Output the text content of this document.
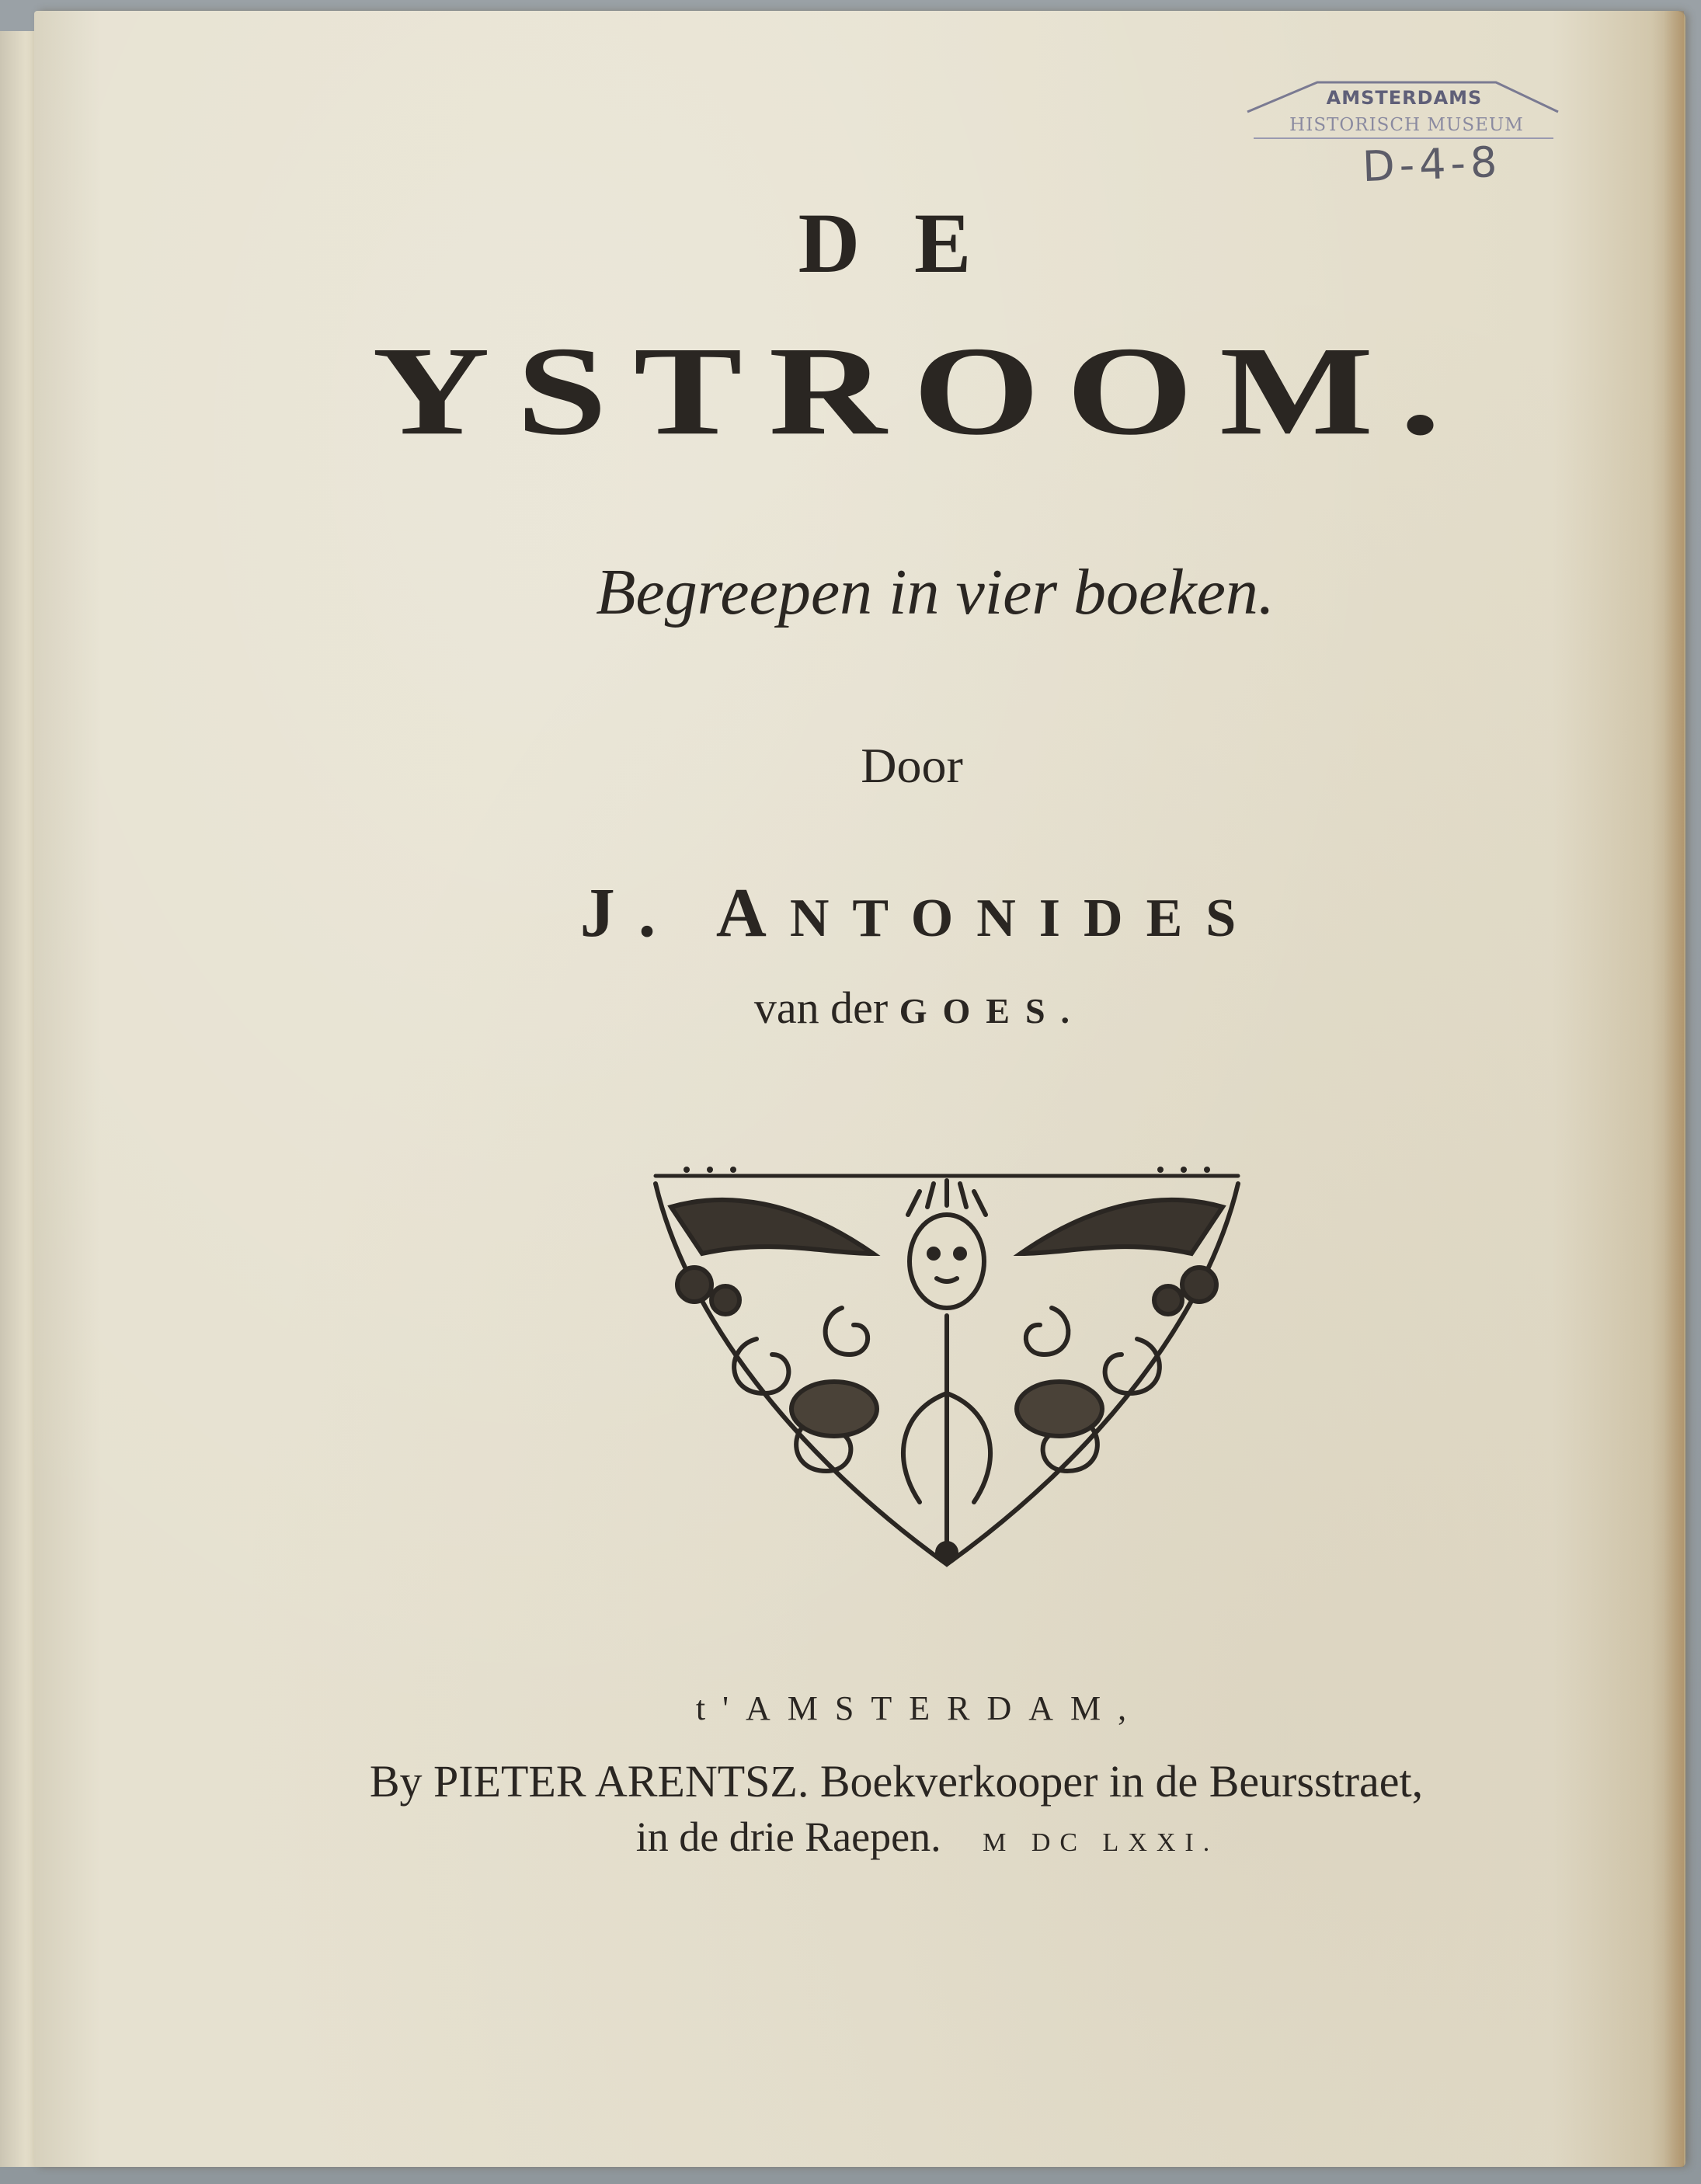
AMSTERDAMS
HISTORISCH MUSEUM
D-4-8
DE
YSTROOM.
Begreepen in vier boeken.
Door
J. ANTONIDES
van der GOES.
t'AMSTERDAM,
By PIETER ARENTSZ. Boekverkooper in de Beursstraet,
in de drie Raepen. M DC LXXI.
